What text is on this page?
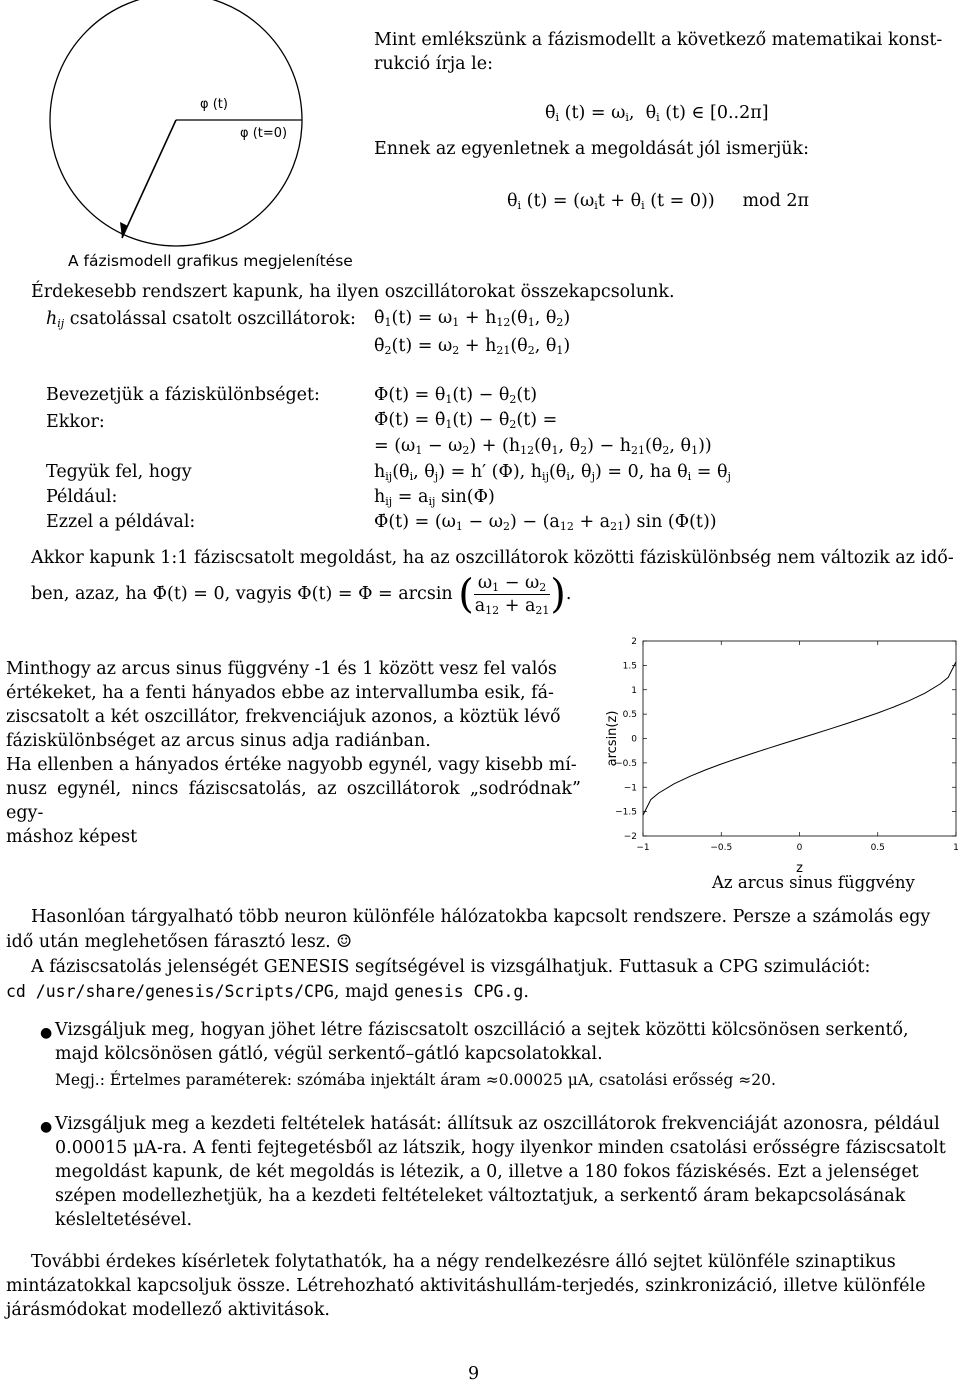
φ (t)
φ (t=0)
A fázismodell grafikus megjelenítése
Mint emlékszünk a fázismodellt a következő matematikai konst-
rukció írja le:
$\thetȧ_i$ $(t) = \omega_i$,  $\theta_i$ (t) ∈ [0..2π]
Ennek az egyenletnek a megoldását jól ismerjük:
$\theta_i$ $(t) = (\omega_it + \theta_i$ (t = 0))     mod 2π
Érdekesebb rendszert kapunk, ha ilyen oszcillátorokat összekapcsolunk.
$h_{ij}$ csatolással csatolt oszcillátorok: $\thetȧ_1(t) = \omega_1 + h_{12}(\theta_1$, $\theta_2$)
$\thetȧ_2(t) = \omega_2 + h_{21}(\theta_2$, $\theta_1$)
Bevezetjük a fáziskülönbséget:	$\Phi(t) = \theta_1(t) - \theta_2(t)$
Ekkor:	Φ̇(t) = $\thetȧ_1(t)$ − $\thetȧ_2(t)$ =
= $(\omega_1 - \omega_2) + (h_{12}(\theta_1$, $\theta_2) - h_{21}(\theta_2$, $\theta_1$))
Tegyük fel, hogy	$h_{ij}(\theta_i$, $\theta_j) = h'$ (Φ), $h_{ij}(\theta_i$, $\theta_j) = 0$, ha $\theta_i = \theta_j$
Például:	$h_{ij} = a_{ij}$ sin(Φ)
Ezzel a példával:	Φ̇(t) = $(\omega_1 - \omega_2) - (a_{12} + a_{21})$ sin (Φ(t))
Akkor kapunk 1:1 fáziscsatolt megoldást, ha az oszcillátorok közötti fáziskülönbség nem változik az idő-
ben, azaz, ha Φ̇(t) = 0, vagyis Φ(t) = Φ = arcsin ( $\frac{\omega_1 - \omega_2}{a_{12} + a_{21}}$ ).
Minthogy az arcus sinus függvény -1 és 1 között vesz fel valós
értékeket, ha a fenti hányados ebbe az intervallumba esik, fá-
ziscsatolt a két oszcillátor, frekvenciájuk azonos, a köztük lévő
fáziskülönbséget az arcus sinus adja radiánban.
Ha ellenben a hányados értéke nagyobb egynél, vagy kisebb mí-
nusz egynél, nincs fáziscsatolás, az oszcillátorok „sodródnak” egy-
máshoz képest
2
1.5
1
0.5
0
−0.5
−1
−1.5
−2
−1	−0.5	0	0.5	1
z
arcsin(z)
Az arcus sinus függvény
Hasonlóan tárgyalható több neuron különféle hálózatokba kapcsolt rendszere. Persze a számolás egy
idő után meglehetősen fárasztó lesz. ☺
A fáziscsatolás jelenségét GENESIS segítségével is vizsgálhatjuk. Futtasuk a CPG szimulációt:
cd /usr/share/genesis/Scripts/CPG, majd genesis CPG.g.
● Vizsgáljuk meg, hogyan jöhet létre fáziscsatolt oszcilláció a sejtek közötti kölcsönösen serkentő,
majd kölcsönösen gátló, végül serkentő–gátló kapcsolatokkal.
Megj.: Értelmes paraméterek: szómába injektált áram ≈0.00025 μA, csatolási erősség ≈20.
● Vizsgáljuk meg a kezdeti feltételek hatását: állítsuk az oszcillátorok frekvenciáját azonosra, például
0.00015 μA-ra. A fenti fejtegetésből az látszik, hogy ilyenkor minden csatolási erősségre fáziscsatolt
megoldást kapunk, de két megoldás is létezik, a 0, illetve a 180 fokos fáziskésés. Ezt a jelenséget
szépen modellezhetjük, ha a kezdeti feltételeket változtatjuk, a serkentő áram bekapcsolásának
késleltetésével.
További érdekes kísérletek folytathatók, ha a négy rendelkezésre álló sejtet különféle szinaptikus
mintázatokkal kapcsoljuk össze. Létrehozható aktivitáshullám-terjedés, szinkronizáció, illetve különféle
járásmódokat modellező aktivitások.
9
